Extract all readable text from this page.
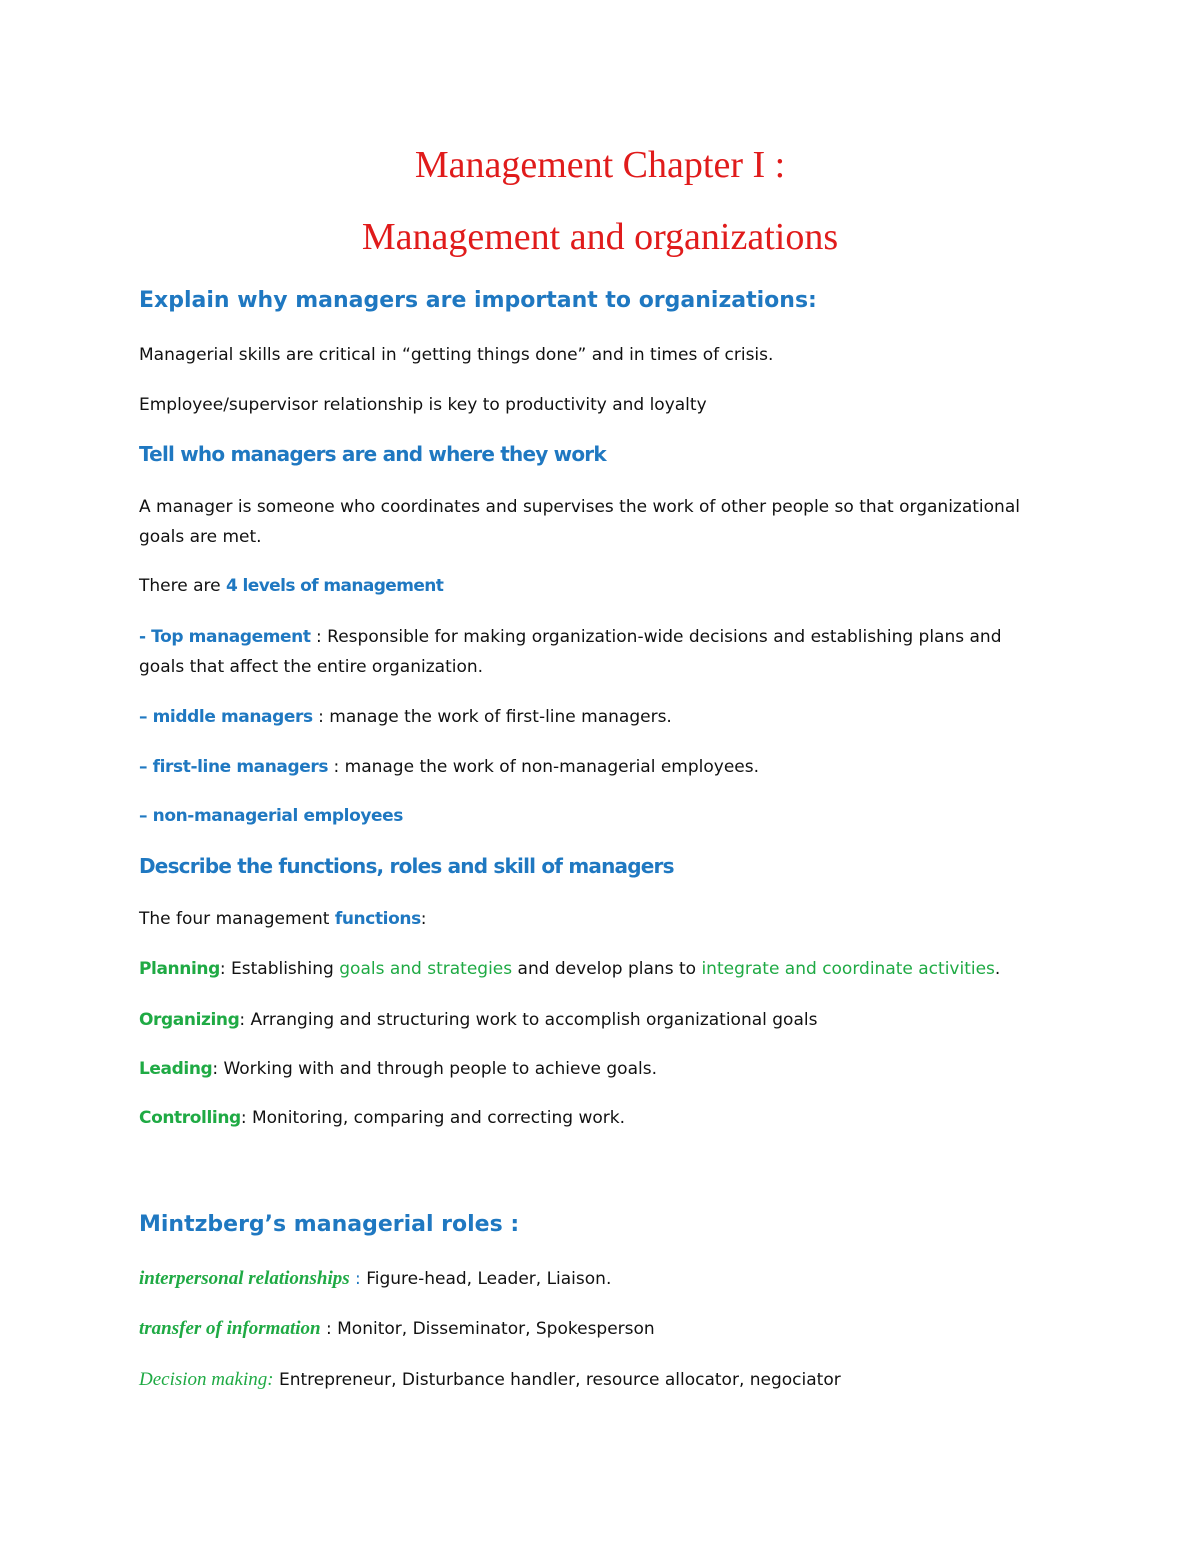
Management Chapter I :
Management and organizations
Explain why managers are important to organizations:
Managerial skills are critical in “getting things done” and in times of crisis.
Employee/supervisor relationship is key to productivity and loyalty
Tell who managers are and where they work
A manager is someone who coordinates and supervises the work of other people so that organizational
goals are met.
There are 4 levels of management
- Top management : Responsible for making organization-wide decisions and establishing plans and
goals that affect the entire organization.
– middle managers : manage the work of first-line managers.
– first-line managers : manage the work of non-managerial employees.
– non-managerial employees
Describe the functions, roles and skill of managers
The four management functions:
Planning: Establishing goals and strategies and develop plans to integrate and coordinate activities.
Organizing: Arranging and structuring work to accomplish organizational goals
Leading: Working with and through people to achieve goals.
Controlling: Monitoring, comparing and correcting work.
Mintzberg’s managerial roles :
interpersonal relationships : Figure-head, Leader, Liaison.
transfer of information : Monitor, Disseminator, Spokesperson
Decision making: Entrepreneur, Disturbance handler, resource allocator, negociator
